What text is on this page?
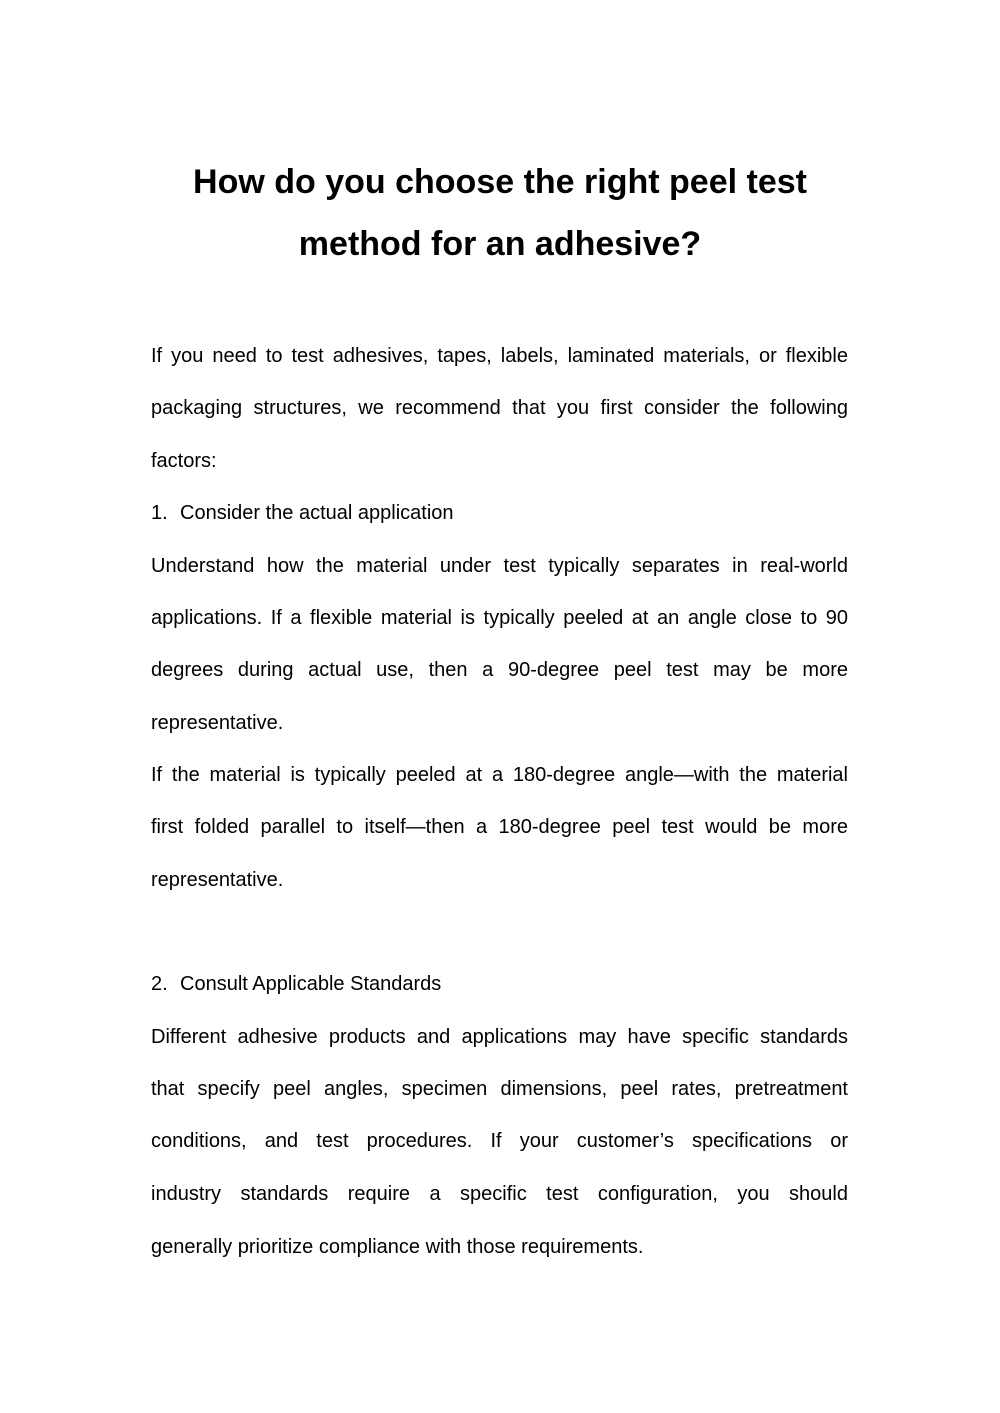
How do you choose the right peel test
method for an adhesive?
If you need to test adhesives, tapes, labels, laminated materials, or flexible
packaging structures, we recommend that you first consider the following
factors:
1. Consider the actual application
Understand how the material under test typically separates in real-world
applications. If a flexible material is typically peeled at an angle close to 90
degrees during actual use, then a 90-degree peel test may be more
representative.
If the material is typically peeled at a 180-degree angle—with the material
first folded parallel to itself—then a 180-degree peel test would be more
representative.
2. Consult Applicable Standards
Different adhesive products and applications may have specific standards
that specify peel angles, specimen dimensions, peel rates, pretreatment
conditions, and test procedures. If your customer’s specifications or
industry standards require a specific test configuration, you should
generally prioritize compliance with those requirements.
